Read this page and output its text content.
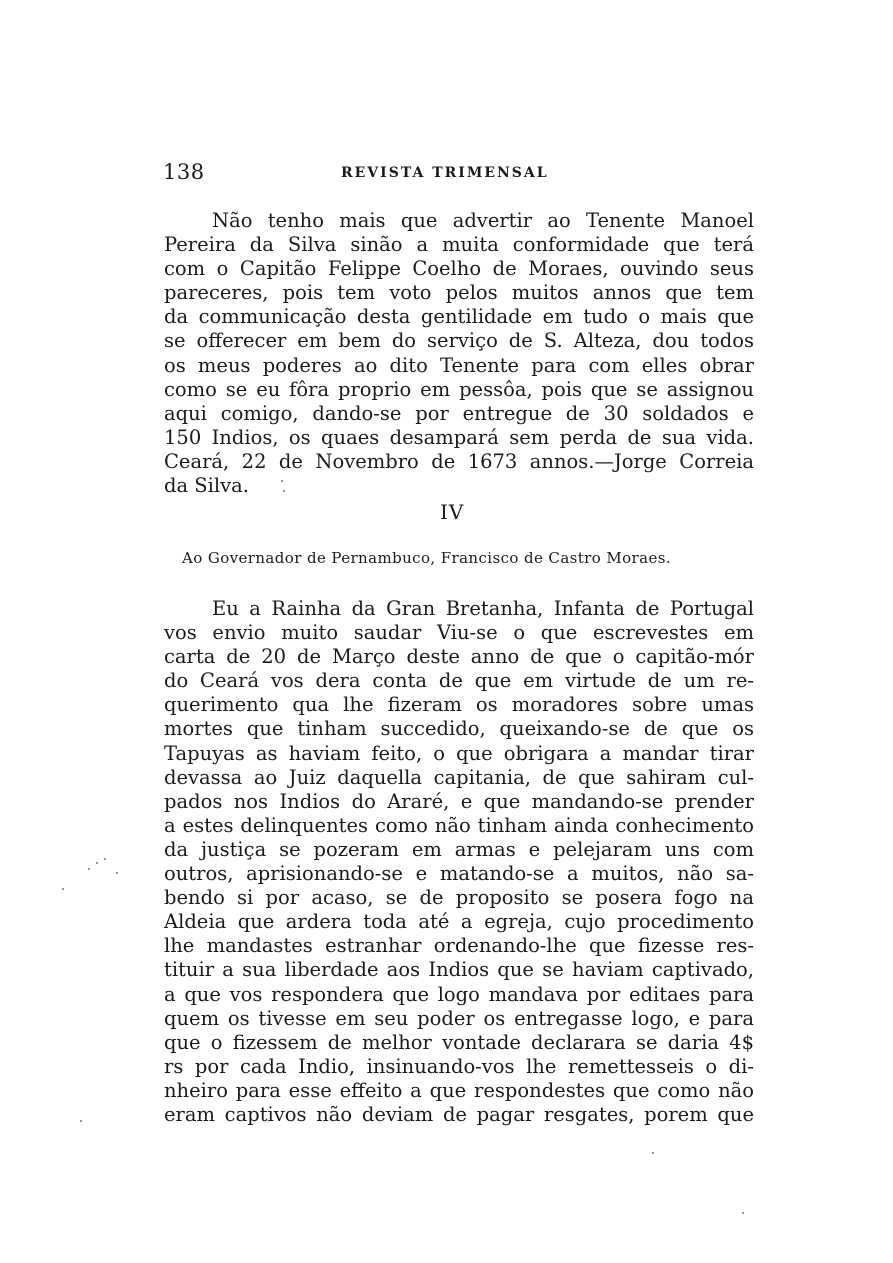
138	REVISTA TRIMENSAL
Não tenho mais que advertir ao Tenente Manoel
Pereira da Silva sinão a muita conformidade que terá
com o Capitão Felippe Coelho de Moraes, ouvindo seus
pareceres, pois tem voto pelos muitos annos que tem
da communicação desta gentilidade em tudo o mais que
se offerecer em bem do serviço de S. Alteza, dou todos
os meus poderes ao dito Tenente para com elles obrar
como se eu fôra proprio em pessôa, pois que se assignou
aqui comigo, dando-se por entregue de 30 soldados e
150 Indios, os quaes desampará sem perda de sua vida.
Ceará, 22 de Novembro de 1673 annos.—Jorge Correia
da Silva.
IV
Ao Governador de Pernambuco, Francisco de Castro Moraes.
Eu a Rainha da Gran Bretanha, Infanta de Portugal
vos envio muito saudar Viu-se o que escrevestes em
carta de 20 de Março deste anno de que o capitão-mór
do Ceará vos dera conta de que em virtude de um re-
querimento qua lhe fizeram os moradores sobre umas
mortes que tinham succedido, queixando-se de que os
Tapuyas as haviam feito, o que obrigara a mandar tirar
devassa ao Juiz daquella capitania, de que sahiram cul-
pados nos Indios do Araré, e que mandando-se prender
a estes delinquentes como não tinham ainda conhecimento
da justiça se pozeram em armas e pelejaram uns com
outros, aprisionando-se e matando-se a muitos, não sa-
bendo si por acaso, se de proposito se posera fogo na
Aldeia que ardera toda até a egreja, cujo procedimento
lhe mandastes estranhar ordenando-lhe que fizesse res-
tituir a sua liberdade aos Indios que se haviam captivado,
a que vos respondera que logo mandava por editaes para
quem os tivesse em seu poder os entregasse logo, e para
que o fizessem de melhor vontade declarara se daria 4$
rs por cada Indio, insinuando-vos lhe remettesseis o di-
nheiro para esse effeito a que respondestes que como não
eram captivos não deviam de pagar resgates, porem que
